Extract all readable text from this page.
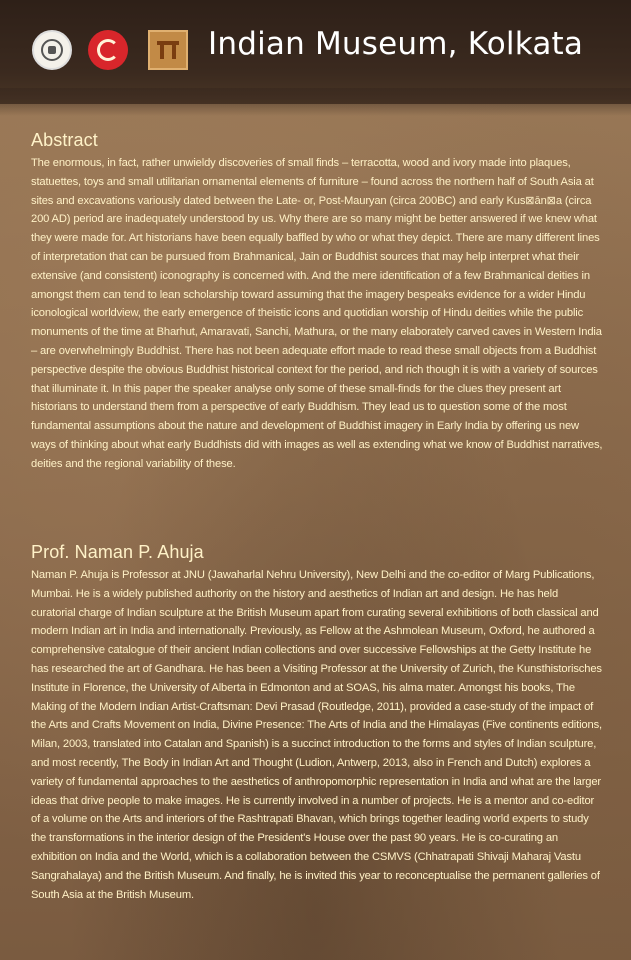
Indian Museum, Kolkata
Abstract

The enormous, in fact, rather unwieldy discoveries of small finds – terracotta, wood and ivory made into plaques, statuettes, toys and small utilitarian ornamental elements of furniture – found across the northern half of South Asia at sites and excavations variously dated between the Late- or, Post-Mauryan (circa 200BC) and early Kus⊠ān⊠a (circa 200 AD) period are inadequately understood by us. Why there are so many might be better answered if we knew what they were made for. Art historians have been equally baffled by who or what they depict. There are many different lines of interpretation that can be pursued from Brahmanical, Jain or Buddhist sources that may help interpret what their extensive (and consistent) iconography is concerned with. And the mere identification of a few Brahmanical deities in amongst them can tend to lean scholarship toward assuming that the imagery bespeaks evidence for a wider Hindu iconological worldview, the early emergence of theistic icons and quotidian worship of Hindu deities while the public monuments of the time at Bharhut, Amaravati, Sanchi, Mathura, or the many elaborately carved caves in Western India – are overwhelmingly Buddhist. There has not been adequate effort made to read these small objects from a Buddhist perspective despite the obvious Buddhist historical context for the period, and rich though it is with a variety of sources that illuminate it. In this paper the speaker analyse only some of these small-finds for the clues they present art historians to understand them from a perspective of early Buddhism. They lead us to question some of the most fundamental assumptions about the nature and development of Buddhist imagery in Early India by offering us new ways of thinking about what early Buddhists did with images as well as extending what we know of Buddhist narratives, deities and the regional variability of these.

Prof. Naman P. Ahuja

Naman P. Ahuja is Professor at JNU (Jawaharlal Nehru University), New Delhi and the co-editor of Marg Publications, Mumbai. He is a widely published authority on the history and aesthetics of Indian art and design. He has held curatorial charge of Indian sculpture at the British Museum apart from curating several exhibitions of both classical and modern Indian art in India and internationally. Previously, as Fellow at the Ashmolean Museum, Oxford, he authored a comprehensive catalogue of their ancient Indian collections and over successive Fellowships at the Getty Institute he has researched the art of Gandhara. He has been a Visiting Professor at the University of Zurich, the Kunsthistorisches Institute in Florence, the University of Alberta in Edmonton and at SOAS, his alma mater. Amongst his books, The Making of the Modern Indian Artist-Craftsman: Devi Prasad (Routledge, 2011), provided a case-study of the impact of the Arts and Crafts Movement on India, Divine Presence: The Arts of India and the Himalayas (Five continents editions, Milan, 2003, translated into Catalan and Spanish) is a succinct introduction to the forms and styles of Indian sculpture, and most recently, The Body in Indian Art and Thought (Ludion, Antwerp, 2013, also in French and Dutch) explores a variety of fundamental approaches to the aesthetics of anthropomorphic representation in India and what are the larger ideas that drive people to make images. He is currently involved in a number of projects. He is a mentor and co-editor of a volume on the Arts and interiors of the Rashtrapati Bhavan, which brings together leading world experts to study the transformations in the interior design of the President's House over the past 90 years. He is co-curating an exhibition on India and the World, which is a collaboration between the CSMVS (Chhatrapati Shivaji Maharaj Vastu Sangrahalaya) and the British Museum. And finally, he is invited this year to reconceptualise the permanent galleries of South Asia at the British Museum.
